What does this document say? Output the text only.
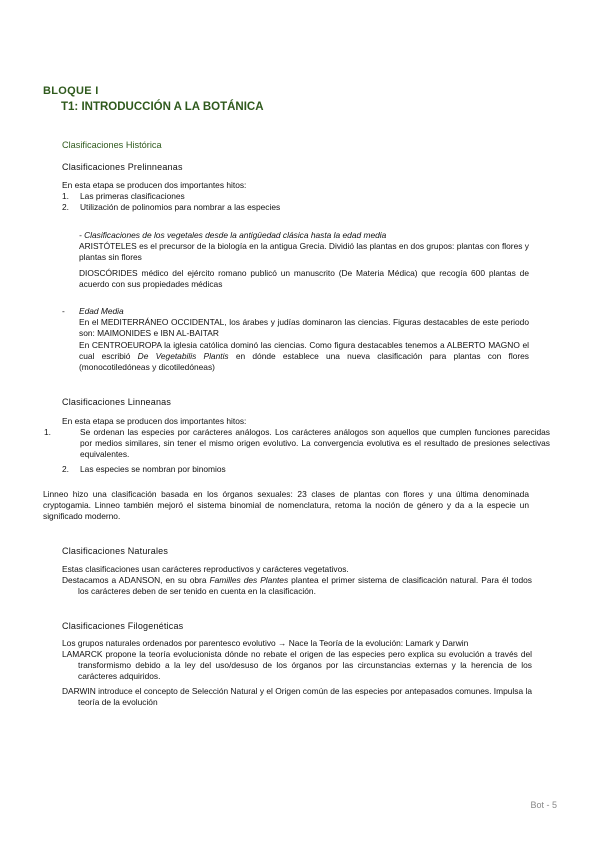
BLOQUE I
T1: INTRODUCCIÓN A LA BOTÁNICA
Clasificaciones Histórica
Clasificaciones Prelinneanas
En esta etapa se producen dos importantes hitos:
1. Las primeras clasificaciones
2. Utilización de polinomios para nombrar a las especies
- Clasificaciones de los vegetales desde la antigüedad clásica hasta la edad media
ARISTÓTELES es el precursor de la biología en la antigua Grecia. Dividió las plantas en dos grupos: plantas con flores y plantas sin flores
DIOSCÓRIDES médico del ejército romano publicó un manuscrito (De Materia Médica) que recogía 600 plantas de acuerdo con sus propiedades médicas
- Edad Media
En el MEDITERRÁNEO OCCIDENTAL, los árabes y judías dominaron las ciencias. Figuras destacables de este periodo son: MAIMONIDES e IBN AL-BAITAR
En CENTROEUROPA la iglesia católica dominó las ciencias. Como figura destacables tenemos a ALBERTO MAGNO el cual escribió De Vegetabilis Plantis en dónde establece una nueva clasificación para plantas con flores (monocotiledóneas y dicotiledóneas)
Clasificaciones Linneanas
En esta etapa se producen dos importantes hitos:
1.	Se ordenan las especies por carácteres análogos. Los carácteres análogos son aquellos que cumplen funciones parecidas por medios similares, sin tener el mismo origen evolutivo. La convergencia evolutiva es el resultado de presiones selectivas equivalentes.
2. Las especies se nombran por binomios
Linneo hizo una clasificación basada en los órganos sexuales: 23 clases de plantas con flores y una última denominada cryptogamia. Linneo también mejoró el sistema binomial de nomenclatura, retoma la noción de género y da a la especie un significado moderno.
Clasificaciones Naturales
Estas clasificaciones usan carácteres reproductivos y carácteres vegetativos.
Destacamos a ADANSON, en su obra Familles des Plantes plantea el primer sistema de clasificación natural. Para él todos los carácteres deben de ser tenido en cuenta en la clasificación.
Clasificaciones Filogenéticas
Los grupos naturales ordenados por parentesco evolutivo → Nace la Teoría de la evolución: Lamark y Darwin
LAMARCK propone la teoría evolucionista dónde no rebate el origen de las especies pero explica su evolución a través del transformismo debido a la ley del uso/desuso de los órganos por las circunstancias externas y la herencia de los carácteres adquiridos.
DARWIN introduce el concepto de Selección Natural y el Origen común de las especies por antepasados comunes. Impulsa la teoría de la evolución
Bot - 5
